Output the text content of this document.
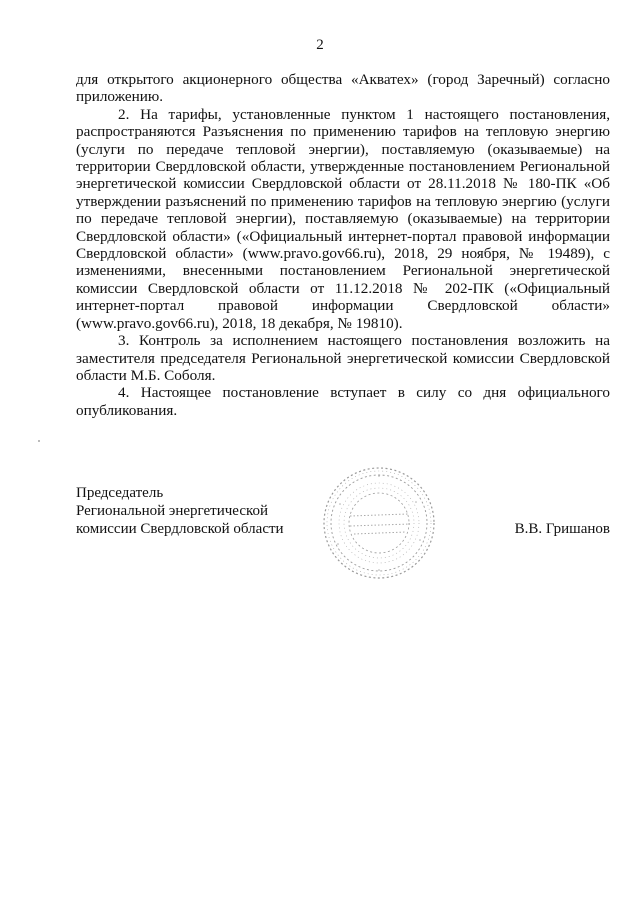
2

для открытого акционерного общества «Акватех» (город Заречный) согласно приложению.

2. На тарифы, установленные пунктом 1 настоящего постановления, распространяются Разъяснения по применению тарифов на тепловую энергию (услуги по передаче тепловой энергии), поставляемую (оказываемые) на территории Свердловской области, утвержденные постановлением Региональной энергетической комиссии Свердловской области от 28.11.2018 № 180-ПК «Об утверждении разъяснений по применению тарифов на тепловую энергию (услуги по передаче тепловой энергии), поставляемую (оказываемые) на территории Свердловской области» («Официальный интернет-портал правовой информации Свердловской области» (www.pravo.gov66.ru), 2018, 29 ноября, № 19489), с изменениями, внесенными постановлением Региональной энергетической комиссии Свердловской области от 11.12.2018 № 202-ПК («Официальный интернет-портал правовой информации Свердловской области» (www.pravo.gov66.ru), 2018, 18 декабря, № 19810).

3. Контроль за исполнением настоящего постановления возложить на заместителя председателя Региональной энергетической комиссии Свердловской области М.Б. Соболя.

4. Настоящее постановление вступает в силу со дня официального опубликования.

Председатель
Региональной энергетической
комиссии Свердловской области	В.В. Гришанов
